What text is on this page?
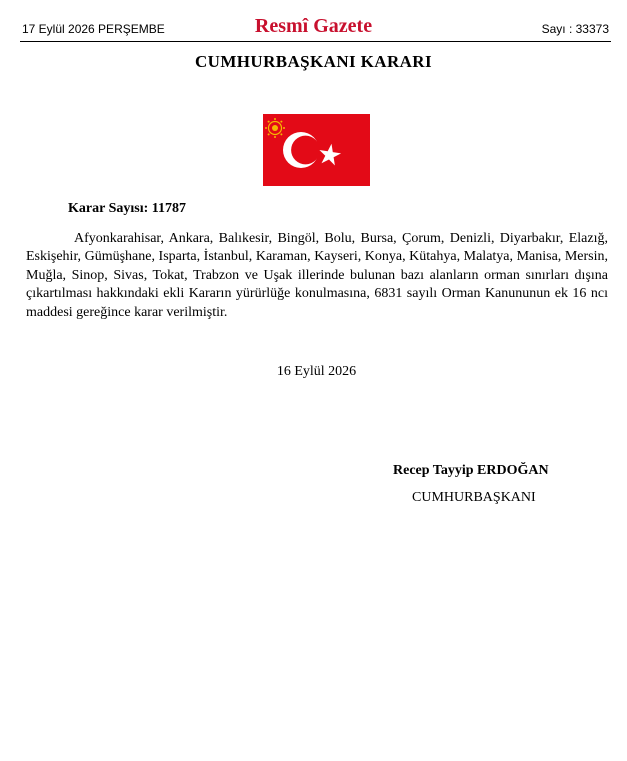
17 Eylül 2026 PERŞEMBE	Resmî Gazete	Sayı : 33373
CUMHURBAŞKANI KARARI
Karar Sayısı: 11787

Afyonkarahisar, Ankara, Balıkesir, Bingöl, Bolu, Bursa, Çorum, Denizli, Diyarbakır, Elazığ, Eskişehir, Gümüşhane, Isparta, İstanbul, Karaman, Kayseri, Konya, Kütahya, Malatya, Manisa, Mersin, Muğla, Sinop, Sivas, Tokat, Trabzon ve Uşak illerinde bulunan bazı alanların orman sınırları dışına çıkartılması hakkındaki ekli Kararın yürürlüğe konulmasına, 6831 sayılı Orman Kanununun ek 16 ncı maddesi gereğince karar verilmiştir.

16 Eylül 2026
Recep Tayyip ERDOĞAN
CUMHURBAŞKANI
